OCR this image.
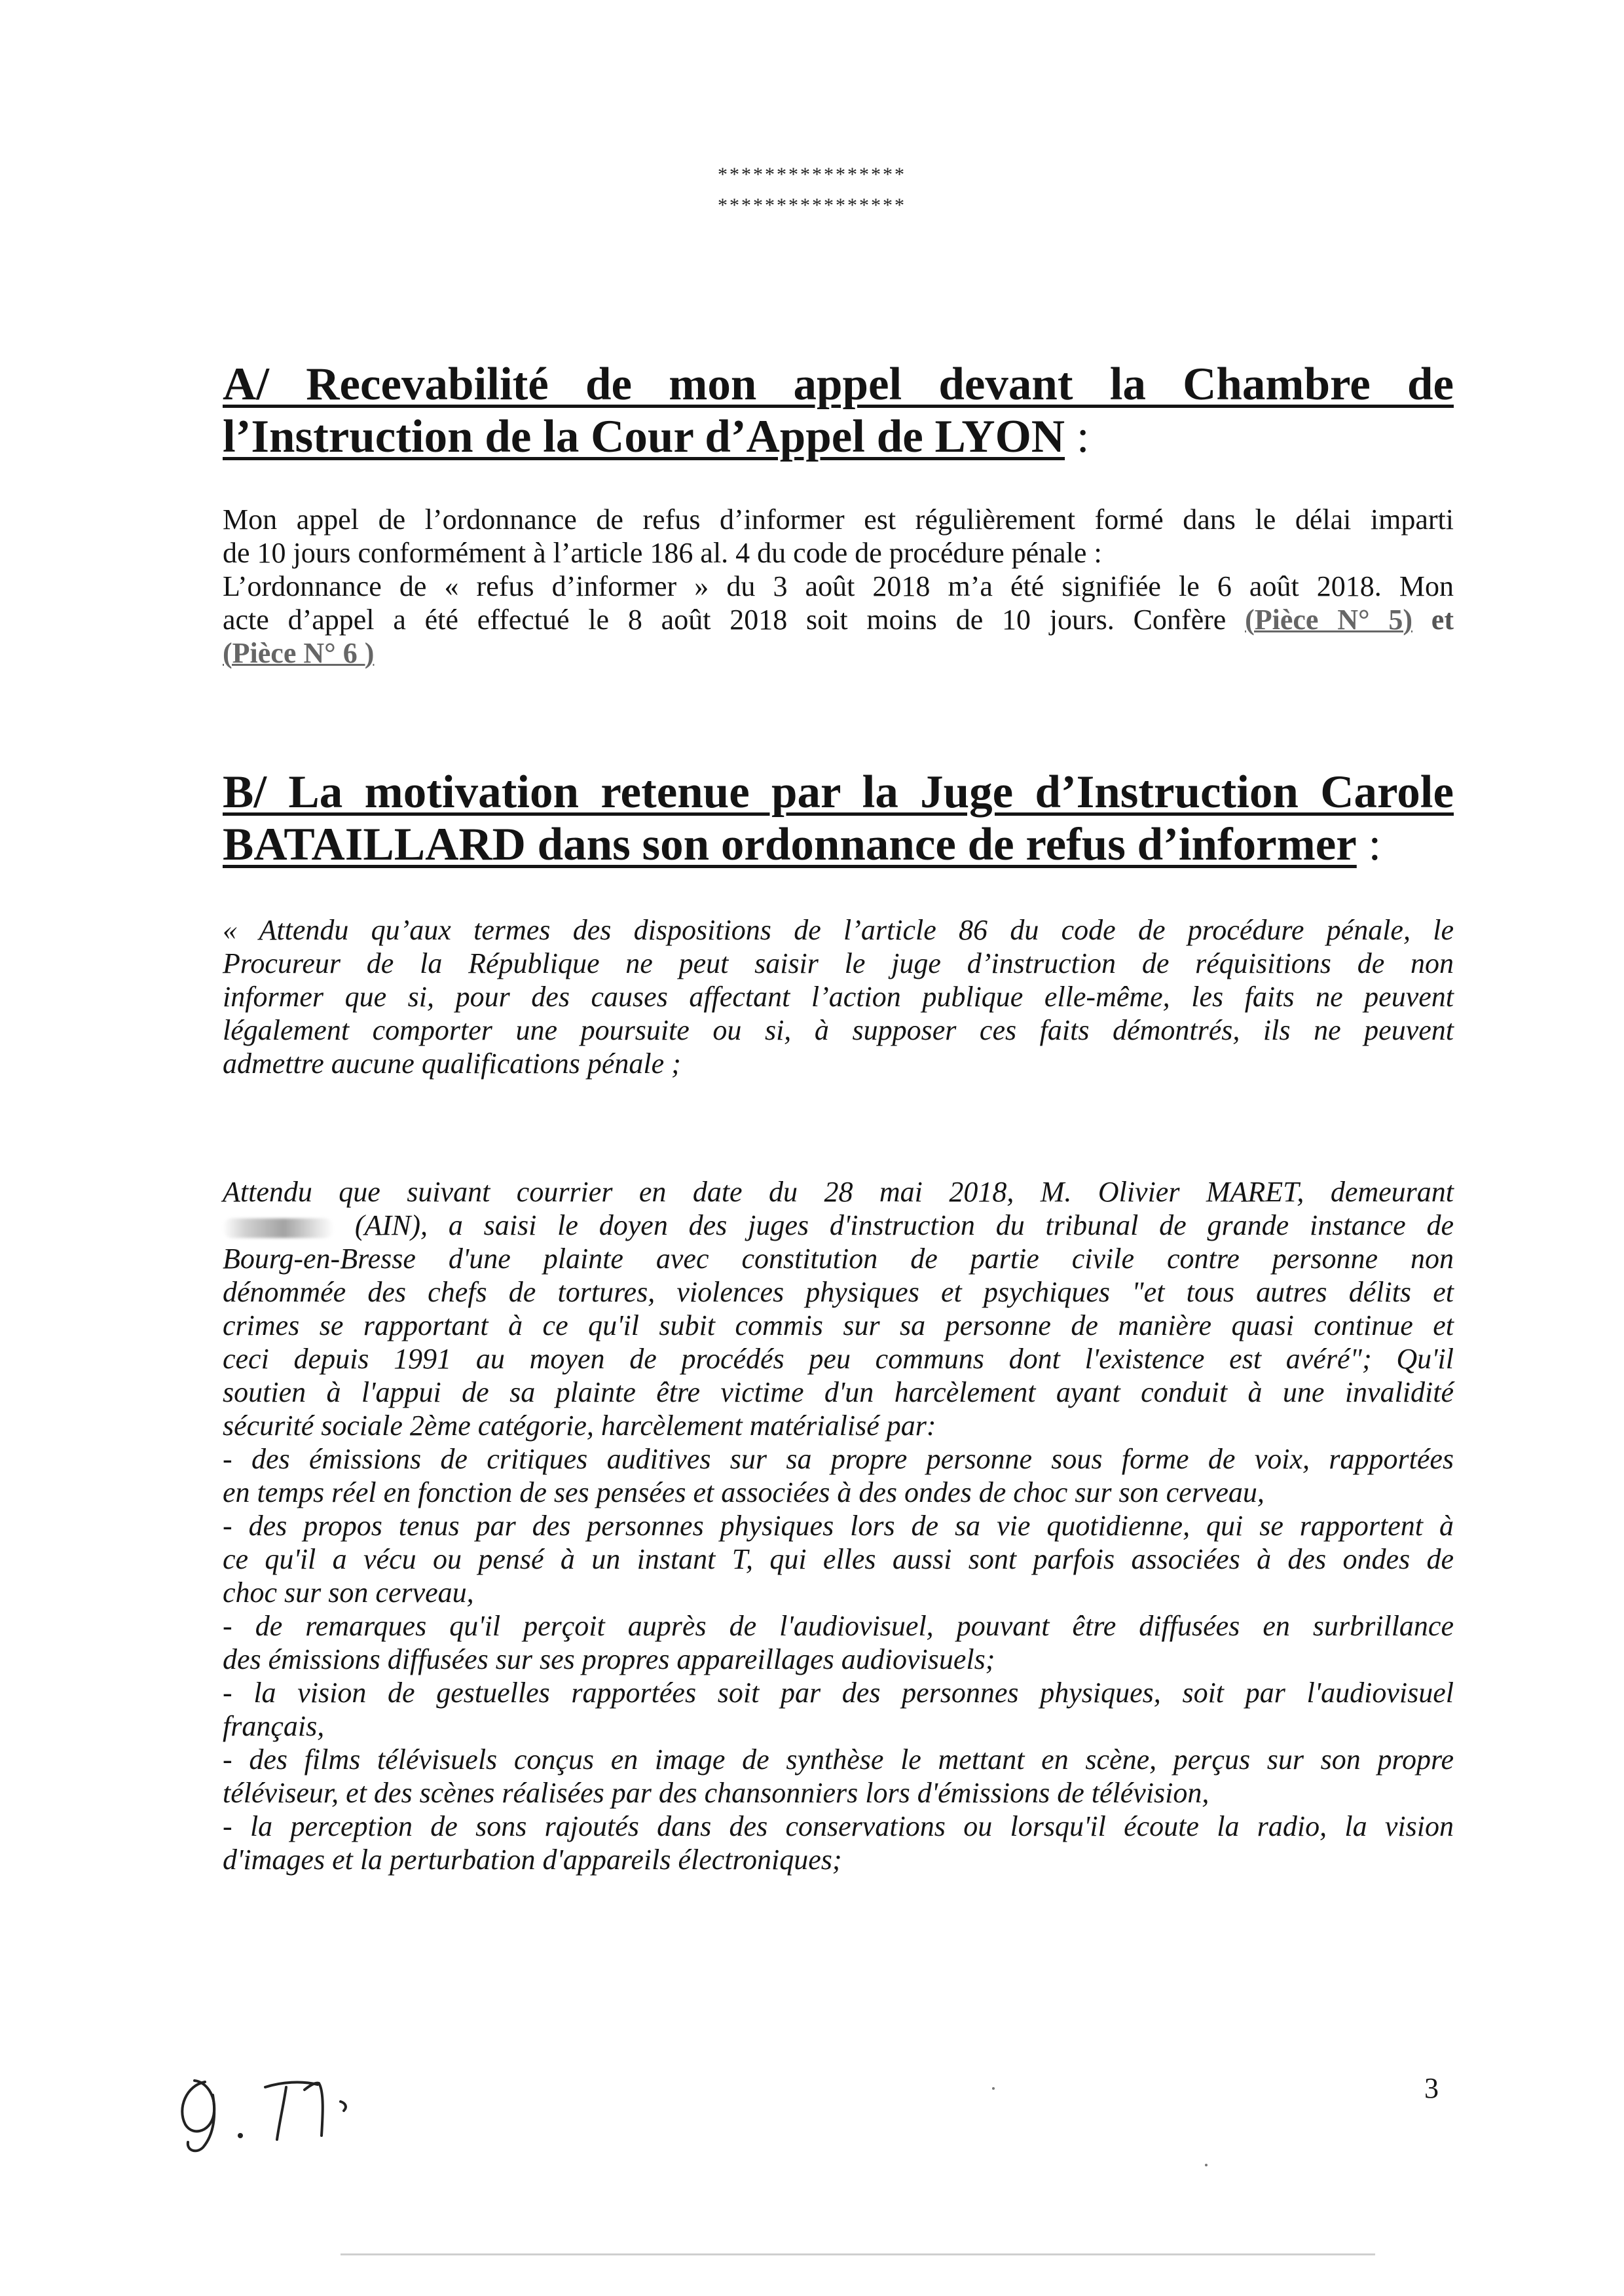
****************
****************
A/ Recevabilité de mon appel devant la Chambre de l’Instruction de la Cour d’Appel de LYON :
Mon appel de l’ordonnance de refus d’informer est régulièrement formé dans le délai imparti
de 10 jours conformément à l’article 186 al. 4 du code de procédure pénale :
L’ordonnance de « refus d’informer » du 3 août 2018 m’a été signifiée le 6 août 2018. Mon
acte d’appel a été effectué le 8 août 2018 soit moins de 10 jours. Confère (Pièce N° 5) et
(Pièce N° 6 )
B/ La motivation retenue par la Juge d’Instruction Carole
BATAILLARD dans son ordonnance de refus d’informer :
« Attendu qu’aux termes des dispositions de l’article 86 du code de procédure pénale, le
Procureur de la République ne peut saisir le juge d’instruction de réquisitions de non
informer que si, pour des causes affectant l’action publique elle-même, les faits ne peuvent
légalement comporter une poursuite ou si, à supposer ces faits démontrés, ils ne peuvent
admettre aucune qualifications pénale ;
Attendu que suivant courrier en date du 28 mai 2018, M. Olivier MARET, demeurant
(AIN), a saisi le doyen des juges d'instruction du tribunal de grande instance de
Bourg-en-Bresse d'une plainte avec constitution de partie civile contre personne non
dénommée des chefs de tortures, violences physiques et psychiques "et tous autres délits et
crimes se rapportant à ce qu'il subit commis sur sa personne de manière quasi continue et
ceci depuis 1991 au moyen de procédés peu communs dont l'existence est avéré"; Qu'il
soutien à l'appui de sa plainte être victime d'un harcèlement ayant conduit à une invalidité
sécurité sociale 2ème catégorie, harcèlement matérialisé par:
- des émissions de critiques auditives sur sa propre personne sous forme de voix, rapportées
en temps réel en fonction de ses pensées et associées à des ondes de choc sur son cerveau,
- des propos tenus par des personnes physiques lors de sa vie quotidienne, qui se rapportent à
ce qu'il a vécu ou pensé à un instant T, qui elles aussi sont parfois associées à des ondes de
choc sur son cerveau,
- de remarques qu'il perçoit auprès de l'audiovisuel, pouvant être diffusées en surbrillance
des émissions diffusées sur ses propres appareillages audiovisuels;
- la vision de gestuelles rapportées soit par des personnes physiques, soit par l'audiovisuel
français,
- des films télévisuels conçus en image de synthèse le mettant en scène, perçus sur son propre
téléviseur, et des scènes réalisées par des chansonniers lors d'émissions de télévision,
- la perception de sons rajoutés dans des conservations ou lorsqu'il écoute la radio, la vision
d'images et la perturbation d'appareils électroniques;
3
